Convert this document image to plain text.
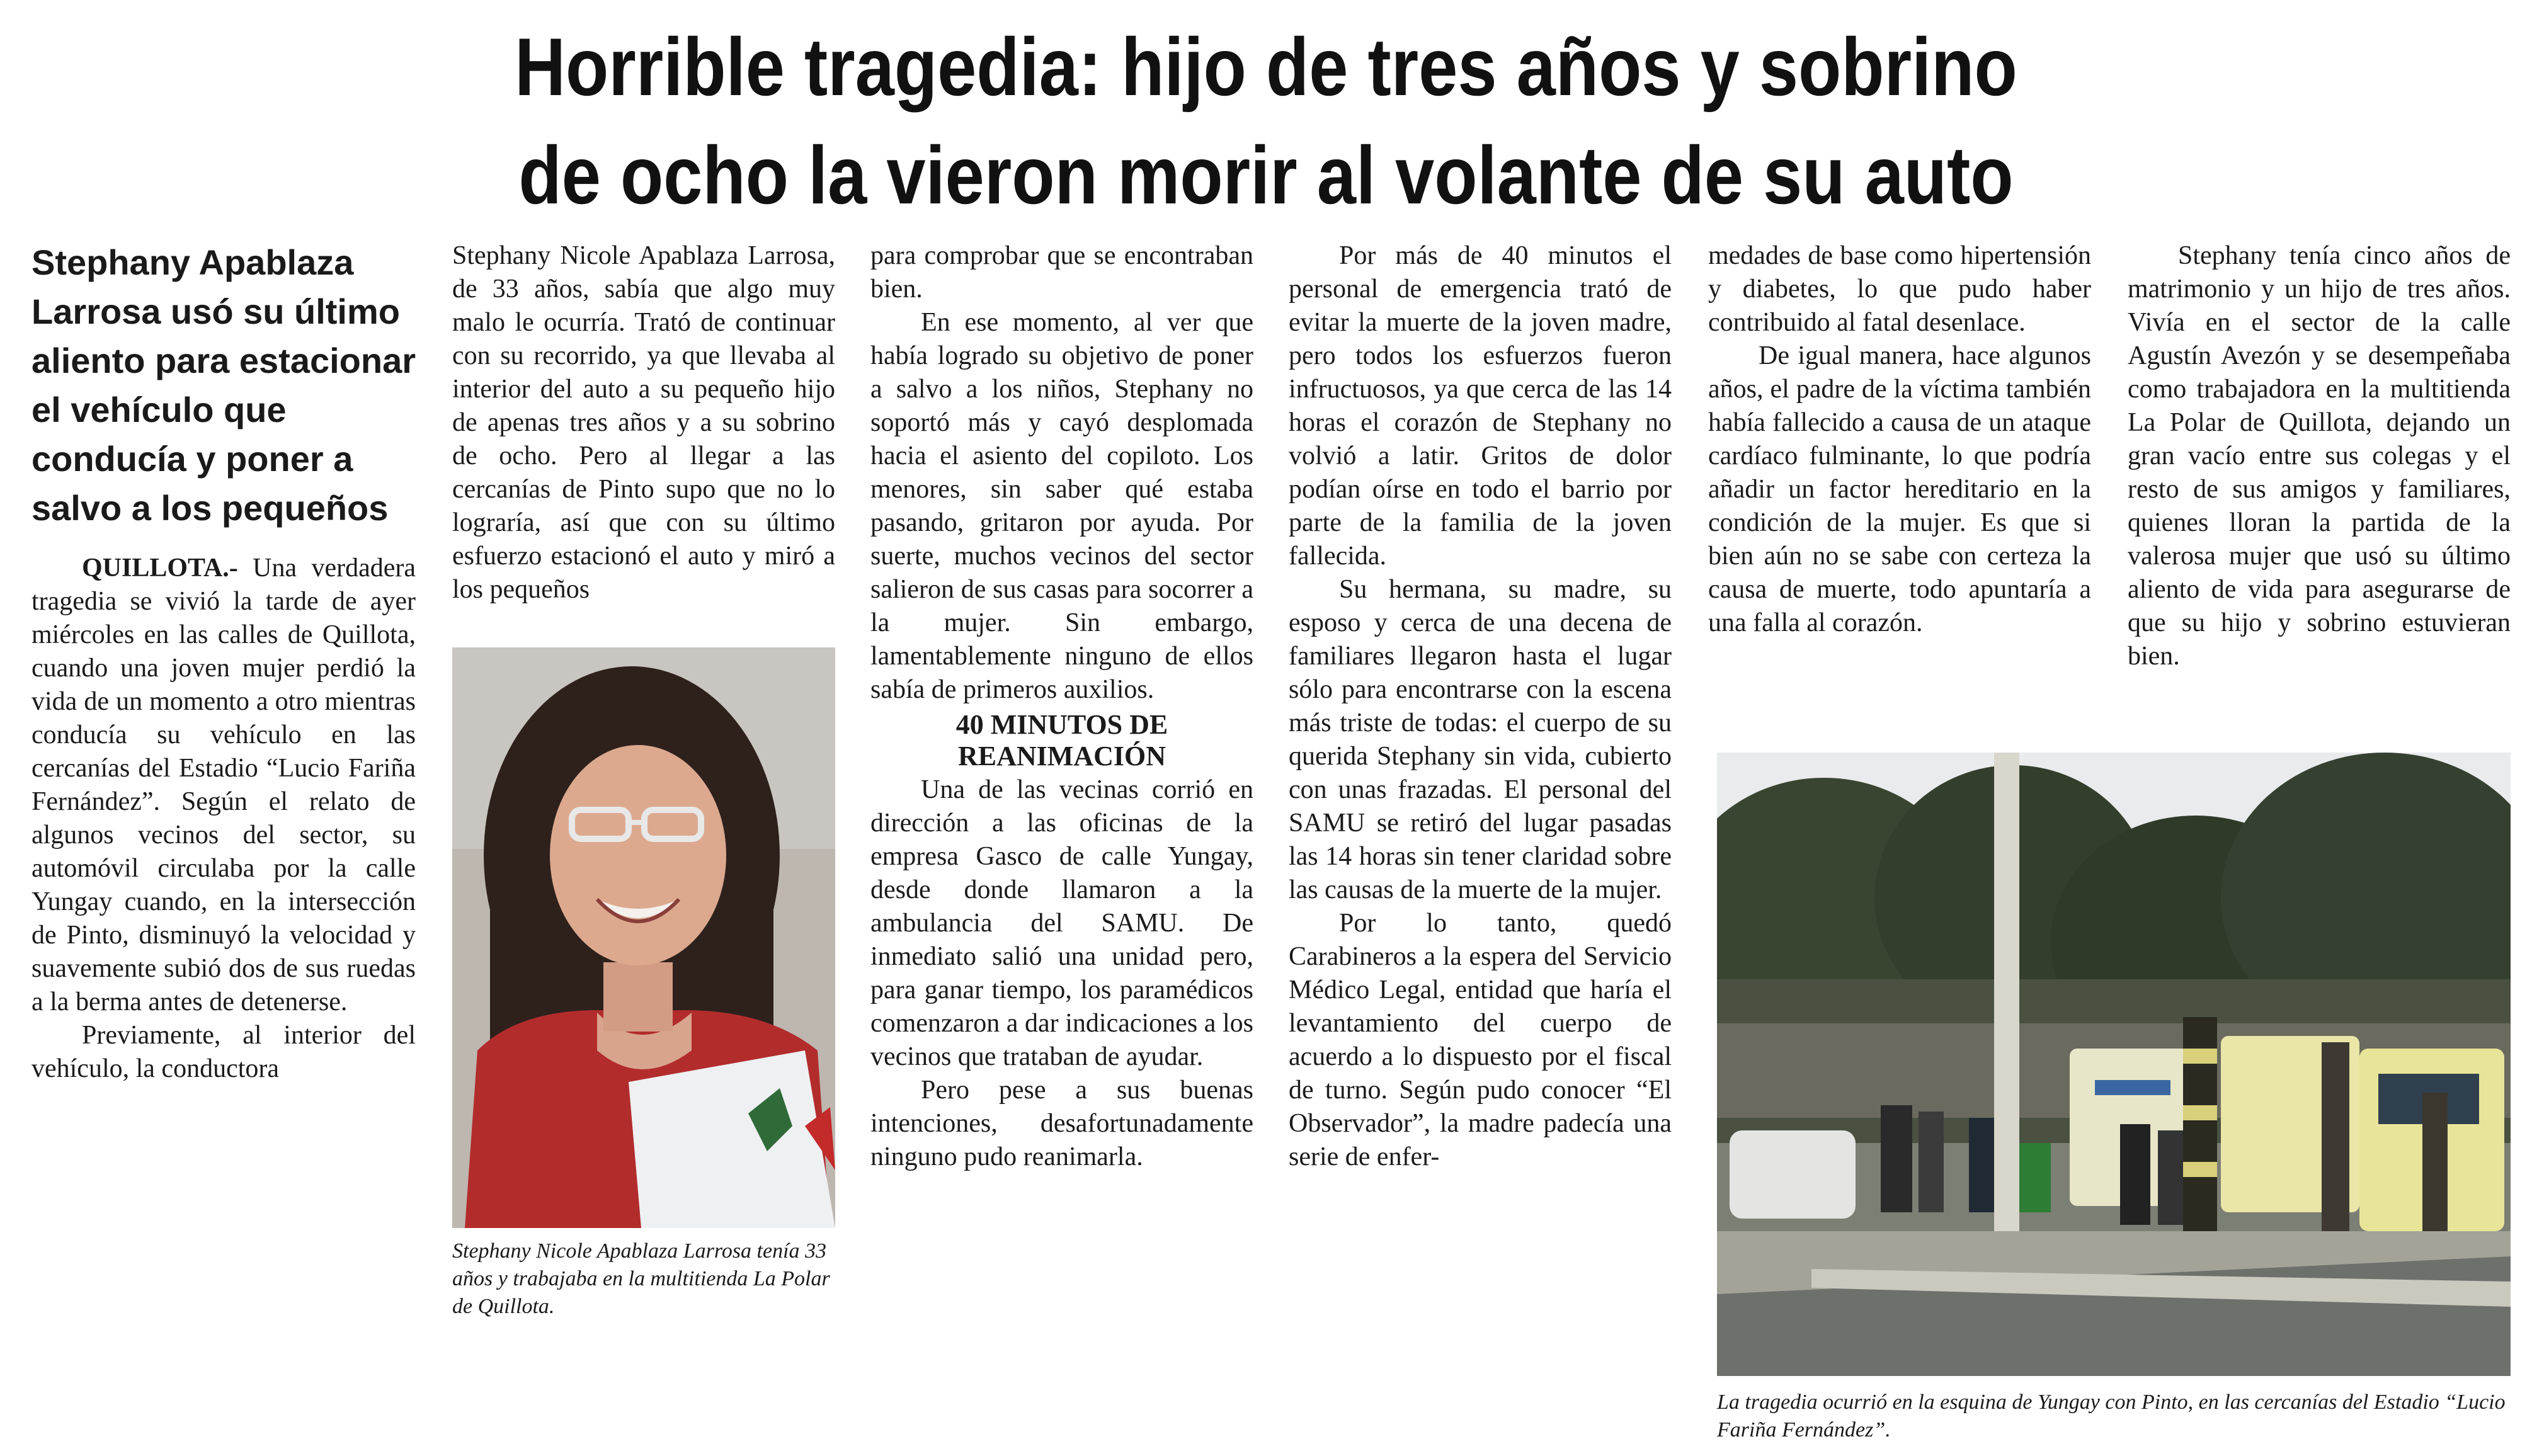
Horrible tragedia: hijo de tres años y sobrino
de ocho la vieron morir al volante de su auto
Stephany Apablaza Larrosa usó su último aliento para estacionar el vehículo que conducía y poner a salvo a los pequeños

QUILLOTA.- Una verdadera tragedia se vivió la tarde de ayer miércoles en las calles de Quillota, cuando una joven mujer perdió la vida de un momento a otro mientras conducía su vehículo en las cercanías del Estadio “Lucio Fariña Fernández”. Según el relato de algunos vecinos del sector, su automóvil circulaba por la calle Yungay cuando, en la intersección de Pinto, disminuyó la velocidad y suavemente subió dos de sus ruedas a la berma antes de detenerse.

Previamente, al interior del vehículo, la conductora

Stephany Nicole Apablaza Larrosa, de 33 años, sabía que algo muy malo le ocurría. Trató de continuar con su recorrido, ya que llevaba al interior del auto a su pequeño hijo de apenas tres años y a su sobrino de ocho. Pero al llegar a las cercanías de Pinto supo que no lo lograría, así que con su último esfuerzo estacionó el auto y miró a los pequeños

Stephany Nicole Apablaza Larrosa tenía 33 años y trabajaba en la multitienda La Polar de Quillota.

para comprobar que se encontraban bien.

En ese momento, al ver que había logrado su objetivo de poner a salvo a los niños, Stephany no soportó más y cayó desplomada hacia el asiento del copiloto. Los menores, sin saber qué estaba pasando, gritaron por ayuda. Por suerte, muchos vecinos del sector salieron de sus casas para socorrer a la mujer. Sin embargo, lamentablemente ninguno de ellos sabía de primeros auxilios.

40 MINUTOS DE
REANIMACIÓN

Una de las vecinas corrió en dirección a las oficinas de la empresa Gasco de calle Yungay, desde donde llamaron a la ambulancia del SAMU. De inmediato salió una unidad pero, para ganar tiempo, los paramédicos comenzaron a dar indicaciones a los vecinos que trataban de ayudar.

Pero pese a sus buenas intenciones, desafortunadamente ninguno pudo reanimarla.

Por más de 40 minutos el personal de emergencia trató de evitar la muerte de la joven madre, pero todos los esfuerzos fueron infructuosos, ya que cerca de las 14 horas el corazón de Stephany no volvió a latir. Gritos de dolor podían oírse en todo el barrio por parte de la familia de la joven fallecida.

Su hermana, su madre, su esposo y cerca de una decena de familiares llegaron hasta el lugar sólo para encontrarse con la escena más triste de todas: el cuerpo de su querida Stephany sin vida, cubierto con unas frazadas. El personal del SAMU se retiró del lugar pasadas las 14 horas sin tener claridad sobre las causas de la muerte de la mujer.

Por lo tanto, quedó Carabineros a la espera del Servicio Médico Legal, entidad que haría el levantamiento del cuerpo de acuerdo a lo dispuesto por el fiscal de turno. Según pudo conocer “El Observador”, la madre padecía una serie de enfer-

medades de base como hipertensión y diabetes, lo que pudo haber contribuido al fatal desenlace.

De igual manera, hace algunos años, el padre de la víctima también había fallecido a causa de un ataque cardíaco fulminante, lo que podría añadir un factor hereditario en la condición de la mujer. Es que si bien aún no se sabe con certeza la causa de muerte, todo apuntaría a una falla al corazón.

Stephany tenía cinco años de matrimonio y un hijo de tres años. Vivía en el sector de la calle Agustín Avezón y se desempeñaba como trabajadora en la multitienda La Polar de Quillota, dejando un gran vacío entre sus colegas y el resto de sus amigos y familiares, quienes lloran la partida de la valerosa mujer que usó su último aliento de vida para asegurarse de que su hijo y sobrino estuvieran bien.

La tragedia ocurrió en la esquina de Yungay con Pinto, en las cercanías del Estadio “Lucio Fariña Fernández”.
